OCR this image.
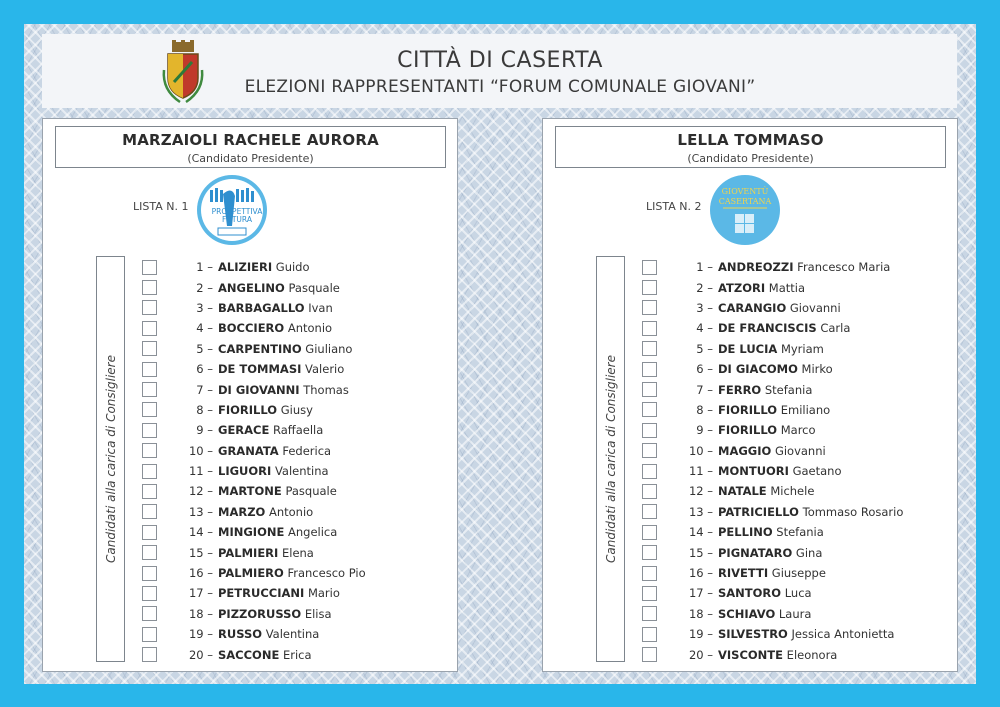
CITTÀ DI CASERTA
ELEZIONI RAPPRESENTANTI “FORUM COMUNALE GIOVANI”
MARZAIOLI RACHELE AURORA
(Candidato Presidente)
LISTA N. 1	PROSPETTIVA
FUTURA
Candidati alla carica di Consigliere
1 – ALIZIERI Guido
2 – ANGELINO Pasquale
3 – BARBAGALLO Ivan
4 – BOCCIERO Antonio
5 – CARPENTINO Giuliano
6 – DE TOMMASI Valerio
7 – DI GIOVANNI Thomas
8 – FIORILLO Giusy
9 – GERACE Raffaella
10 – GRANATA Federica
11 – LIGUORI Valentina
12 – MARTONE Pasquale
13 – MARZO Antonio
14 – MINGIONE Angelica
15 – PALMIERI Elena
16 – PALMIERO Francesco Pio
17 – PETRUCCIANI Mario
18 – PIZZORUSSO Elisa
19 – RUSSO Valentina
20 – SACCONE Erica
LELLA TOMMASO
(Candidato Presidente)
LISTA N. 2
GIOVENTÙ
CASERTANA
Candidati alla carica di Consigliere
1 – ANDREOZZI Francesco Maria
2 – ATZORI Mattia
3 – CARANGIO Giovanni
4 – DE FRANCISCIS Carla
5 – DE LUCIA Myriam
6 – DI GIACOMO Mirko
7 – FERRO Stefania
8 – FIORILLO Emiliano
9 – FIORILLO Marco
10 – MAGGIO Giovanni
11 – MONTUORI Gaetano
12 – NATALE Michele
13 – PATRICIELLO Tommaso Rosario
14 – PELLINO Stefania
15 – PIGNATARO Gina
16 – RIVETTI Giuseppe
17 – SANTORO Luca
18 – SCHIAVO Laura
19 – SILVESTRO Jessica Antonietta
20 – VISCONTE Eleonora
